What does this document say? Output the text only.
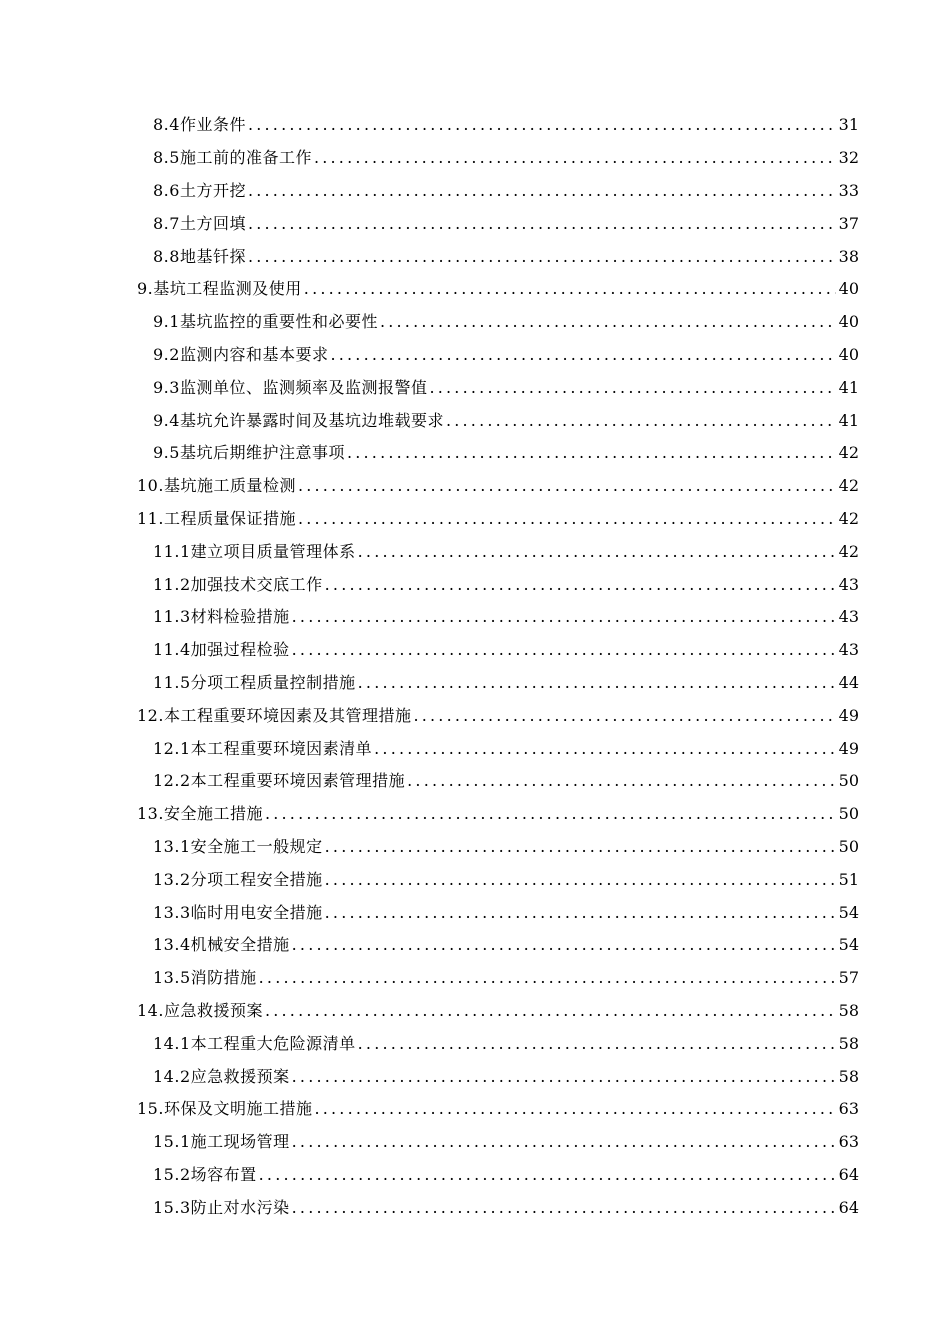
8.4作业条件 .....	31
8.5施工前的准备工作 .....	32
8.6土方开挖 .....	33
8.7土方回填 .....	37
8.8地基钎探 .....	38
9.基坑工程监测及使用 .....	40
9.1基坑监控的重要性和必要性 .....	40
9.2监测内容和基本要求 .....	40
9.3监测单位、监测频率及监测报警值 .....	41
9.4基坑允许暴露时间及基坑边堆载要求 .....	41
9.5基坑后期维护注意事项 .....	42
10.基坑施工质量检测 .....	42
11.工程质量保证措施 .....	42
11.1建立项目质量管理体系 .....	42
11.2加强技术交底工作 .....	43
11.3材料检验措施 .....	43
11.4加强过程检验 .....	43
11.5分项工程质量控制措施 .....	44
12.本工程重要环境因素及其管理措施 .....	49
12.1本工程重要环境因素清单 .....	49
12.2本工程重要环境因素管理措施 .....	50
13.安全施工措施 .....	50
13.1安全施工一般规定 .....	50
13.2分项工程安全措施 .....	51
13.3临时用电安全措施 .....	54
13.4机械安全措施 .....	54
13.5消防措施 .....	57
14.应急救援预案 .....	58
14.1本工程重大危险源清单 .....	58
14.2应急救援预案 .....	58
15.环保及文明施工措施 .....	63
15.1施工现场管理 .....	63
15.2场容布置 .....	64
15.3防止对水污染 .....	64
